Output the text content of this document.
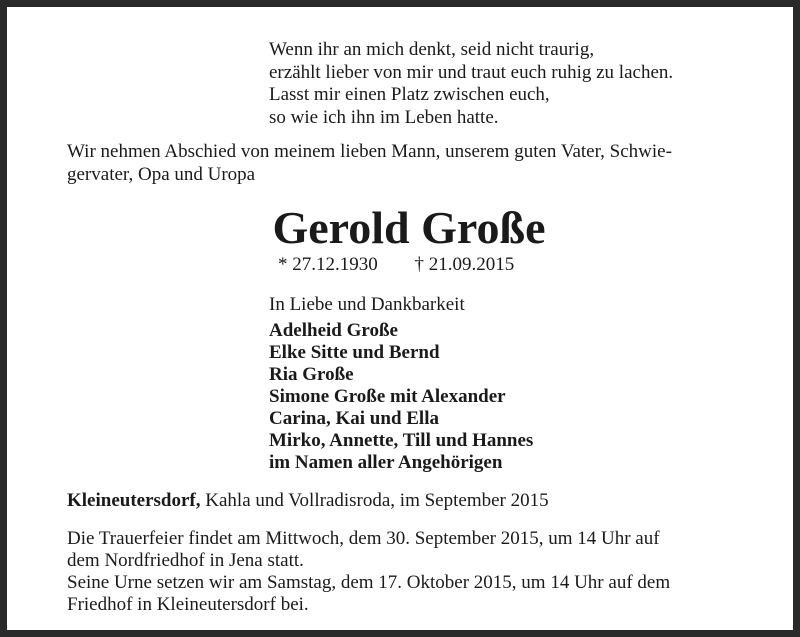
Wenn ihr an mich denkt, seid nicht traurig,
erzählt lieber von mir und traut euch ruhig zu lachen.
Lasst mir einen Platz zwischen euch,
so wie ich ihn im Leben hatte.
Wir nehmen Abschied von meinem lieben Mann, unserem guten Vater, Schwie-
gervater, Opa und Uropa
Gerold Große
* 27.12.1930 † 21.09.2015
In Liebe und Dankbarkeit
Adelheid Große
Elke Sitte und Bernd
Ria Große
Simone Große mit Alexander
Carina, Kai und Ella
Mirko, Annette, Till und Hannes
im Namen aller Angehörigen
Kleineutersdorf, Kahla und Vollradisroda, im September 2015
Die Trauerfeier findet am Mittwoch, dem 30. September 2015, um 14 Uhr auf
dem Nordfriedhof in Jena statt.
Seine Urne setzen wir am Samstag, dem 17. Oktober 2015, um 14 Uhr auf dem
Friedhof in Kleineutersdorf bei.
